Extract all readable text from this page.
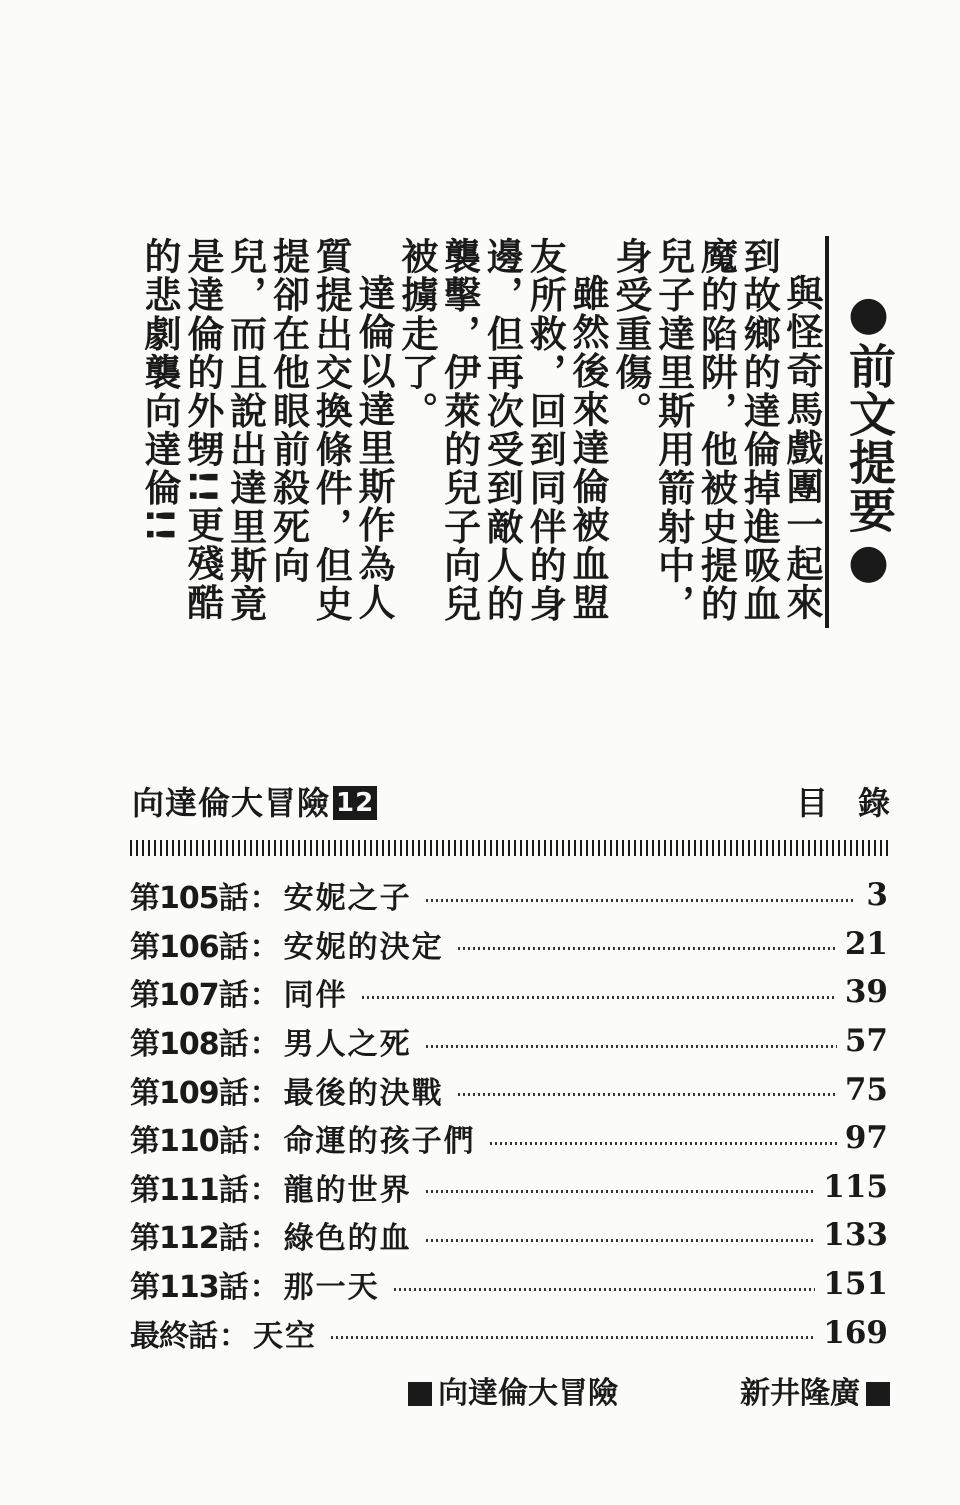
●前文提要●

與怪奇馬戲團一起來到故鄉的達倫掉進吸血魔的陷阱，他被史提的兒子達里斯用箭射中，身受重傷。

雖然後來達倫被血盟友所救，回到同伴的身邊，但再次受到敵人的襲擊，伊萊的兒子向兒被擄走了。

達倫以達里斯作為人質提出交換條件，但史提卻在他眼前殺死向兒，而且說出達里斯竟是達倫的外甥!!更殘酷的悲劇襲向達倫!!

向達倫大冒險 12	目錄
第105話 ： 安妮之子	3
第106話 ： 安妮的決定	21
第107話 ： 同伴	39
第108話 ： 男人之死	57
第109話 ： 最後的決戰	75
第110話 ： 命運的孩子們	97
第111話 ： 龍的世界	115
第112話 ： 綠色的血	133
第113話 ： 那一天	151
最終話 ： 天空	169
向達倫大冒險	新井隆廣
